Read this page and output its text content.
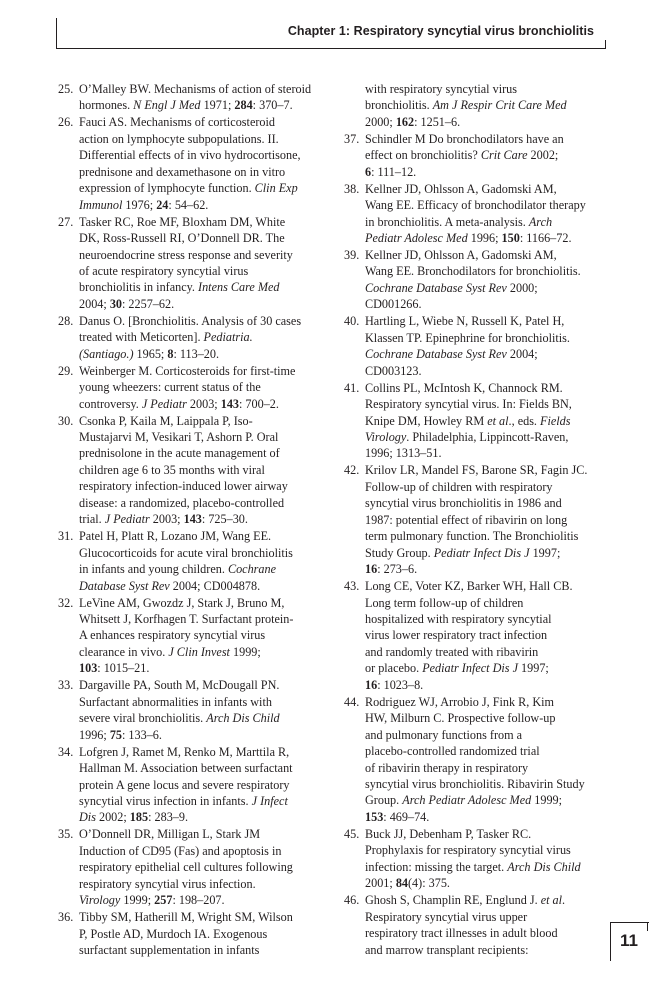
Chapter 1: Respiratory syncytial virus bronchiolitis
25. O’Malley BW. Mechanisms of action of steroid
hormones. N Engl J Med 1971; 284: 370–7.
26. Fauci AS. Mechanisms of corticosteroid
action on lymphocyte subpopulations. II.
Differential effects of in vivo hydrocortisone,
prednisone and dexamethasone on in vitro
expression of lymphocyte function. Clin Exp
Immunol 1976; 24: 54–62.
27. Tasker RC, Roe MF, Bloxham DM, White
DK, Ross-Russell RI, O’Donnell DR. The
neuroendocrine stress response and severity
of acute respiratory syncytial virus
bronchiolitis in infancy. Intens Care Med
2004; 30: 2257–62.
28. Danus O. [Bronchiolitis. Analysis of 30 cases
treated with Meticorten]. Pediatria.
(Santiago.) 1965; 8: 113–20.
29. Weinberger M. Corticosteroids for first-time
young wheezers: current status of the
controversy. J Pediatr 2003; 143: 700–2.
30. Csonka P, Kaila M, Laippala P, Iso-
Mustajarvi M, Vesikari T, Ashorn P. Oral
prednisolone in the acute management of
children age 6 to 35 months with viral
respiratory infection-induced lower airway
disease: a randomized, placebo-controlled
trial. J Pediatr 2003; 143: 725–30.
31. Patel H, Platt R, Lozano JM, Wang EE.
Glucocorticoids for acute viral bronchiolitis
in infants and young children. Cochrane
Database Syst Rev 2004; CD004878.
32. LeVine AM, Gwozdz J, Stark J, Bruno M,
Whitsett J, Korfhagen T. Surfactant protein-
A enhances respiratory syncytial virus
clearance in vivo. J Clin Invest 1999;
103: 1015–21.
33. Dargaville PA, South M, McDougall PN.
Surfactant abnormalities in infants with
severe viral bronchiolitis. Arch Dis Child
1996; 75: 133–6.
34. Lofgren J, Ramet M, Renko M, Marttila R,
Hallman M. Association between surfactant
protein A gene locus and severe respiratory
syncytial virus infection in infants. J Infect
Dis 2002; 185: 283–9.
35. O’Donnell DR, Milligan L, Stark JM
Induction of CD95 (Fas) and apoptosis in
respiratory epithelial cell cultures following
respiratory syncytial virus infection.
Virology 1999; 257: 198–207.
36. Tibby SM, Hatherill M, Wright SM, Wilson
P, Postle AD, Murdoch IA. Exogenous
surfactant supplementation in infants
with respiratory syncytial virus
bronchiolitis. Am J Respir Crit Care Med
2000; 162: 1251–6.
37. Schindler M Do bronchodilators have an
effect on bronchiolitis? Crit Care 2002;
6: 111–12.
38. Kellner JD, Ohlsson A, Gadomski AM,
Wang EE. Efficacy of bronchodilator therapy
in bronchiolitis. A meta-analysis. Arch
Pediatr Adolesc Med 1996; 150: 1166–72.
39. Kellner JD, Ohlsson A, Gadomski AM,
Wang EE. Bronchodilators for bronchiolitis.
Cochrane Database Syst Rev 2000;
CD001266.
40. Hartling L, Wiebe N, Russell K, Patel H,
Klassen TP. Epinephrine for bronchiolitis.
Cochrane Database Syst Rev 2004;
CD003123.
41. Collins PL, McIntosh K, Channock RM.
Respiratory syncytial virus. In: Fields BN,
Knipe DM, Howley RM et al., eds. Fields
Virology. Philadelphia, Lippincott-Raven,
1996; 1313–51.
42. Krilov LR, Mandel FS, Barone SR, Fagin JC.
Follow-up of children with respiratory
syncytial virus bronchiolitis in 1986 and
1987: potential effect of ribavirin on long
term pulmonary function. The Bronchiolitis
Study Group. Pediatr Infect Dis J 1997;
16: 273–6.
43. Long CE, Voter KZ, Barker WH, Hall CB.
Long term follow-up of children
hospitalized with respiratory syncytial
virus lower respiratory tract infection
and randomly treated with ribavirin
or placebo. Pediatr Infect Dis J 1997;
16: 1023–8.
44. Rodriguez WJ, Arrobio J, Fink R, Kim
HW, Milburn C. Prospective follow-up
and pulmonary functions from a
placebo-controlled randomized trial
of ribavirin therapy in respiratory
syncytial virus bronchiolitis. Ribavirin Study
Group. Arch Pediatr Adolesc Med 1999;
153: 469–74.
45. Buck JJ, Debenham P, Tasker RC.
Prophylaxis for respiratory syncytial virus
infection: missing the target. Arch Dis Child
2001; 84(4): 375.
46. Ghosh S, Champlin RE, Englund J. et al.
Respiratory syncytial virus upper
respiratory tract illnesses in adult blood
and marrow transplant recipients:	11
